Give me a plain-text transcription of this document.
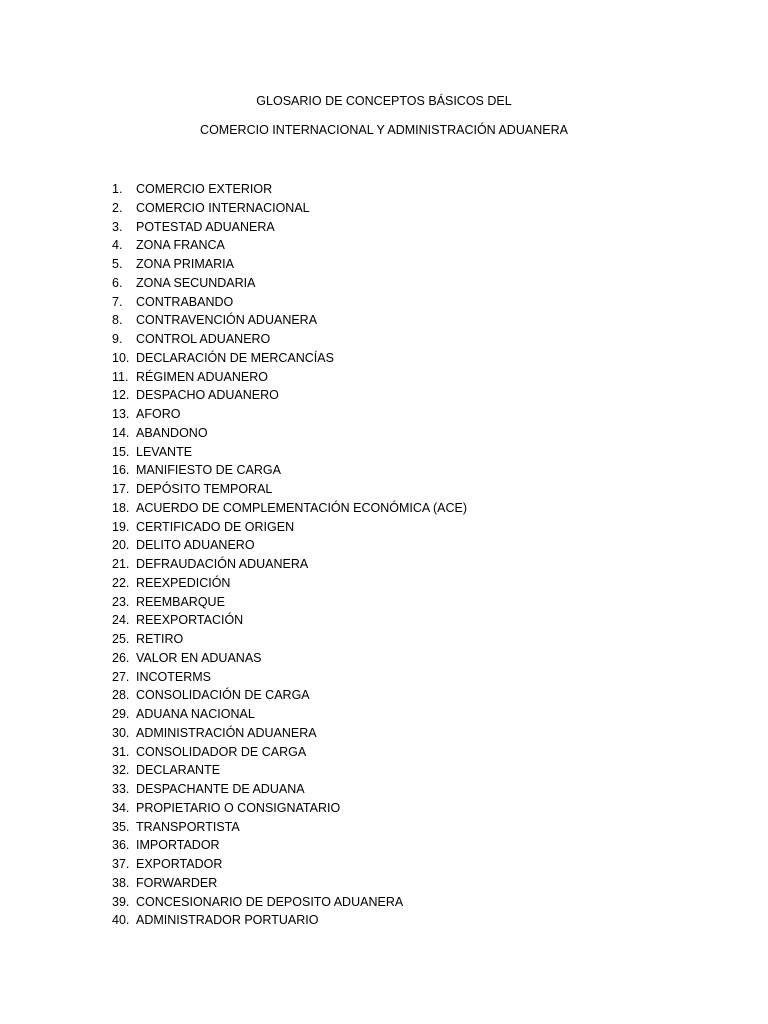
GLOSARIO DE CONCEPTOS BÁSICOS DEL
COMERCIO INTERNACIONAL Y ADMINISTRACIÓN ADUANERA
1.	COMERCIO EXTERIOR
2.	COMERCIO INTERNACIONAL
3.	POTESTAD ADUANERA
4.	ZONA FRANCA
5.	ZONA PRIMARIA
6.	ZONA SECUNDARIA
7.	CONTRABANDO
8.	CONTRAVENCIÓN ADUANERA
9.	CONTROL ADUANERO
10. DECLARACIÓN DE MERCANCÍAS
11. RÉGIMEN ADUANERO
12. DESPACHO ADUANERO
13. AFORO
14. ABANDONO
15. LEVANTE
16. MANIFIESTO DE CARGA
17. DEPÓSITO TEMPORAL
18. ACUERDO DE COMPLEMENTACIÓN ECONÓMICA (ACE)
19. CERTIFICADO DE ORIGEN
20. DELITO ADUANERO
21. DEFRAUDACIÓN ADUANERA
22. REEXPEDICIÓN
23. REEMBARQUE
24. REEXPORTACIÓN
25. RETIRO
26. VALOR EN ADUANAS
27. INCOTERMS
28. CONSOLIDACIÓN DE CARGA
29. ADUANA NACIONAL
30. ADMINISTRACIÓN ADUANERA
31. CONSOLIDADOR DE CARGA
32. DECLARANTE
33. DESPACHANTE DE ADUANA
34. PROPIETARIO O CONSIGNATARIO
35. TRANSPORTISTA
36. IMPORTADOR
37. EXPORTADOR
38. FORWARDER
39. CONCESIONARIO DE DEPOSITO ADUANERA
40. ADMINISTRADOR PORTUARIO
